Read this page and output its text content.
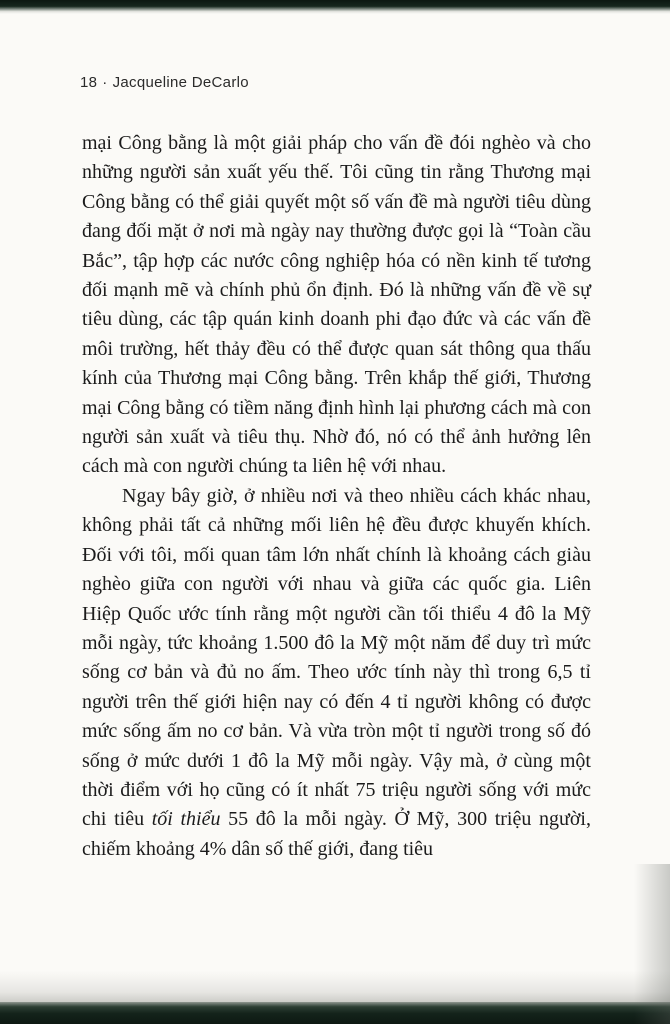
18 · Jacqueline DeCarlo

mại Công bằng là một giải pháp cho vấn đề đói nghèo và cho những người sản xuất yếu thế. Tôi cũng tin rằng Thương mại Công bằng có thể giải quyết một số vấn đề mà người tiêu dùng đang đối mặt ở nơi mà ngày nay thường được gọi là “Toàn cầu Bắc”, tập hợp các nước công nghiệp hóa có nền kinh tế tương đối mạnh mẽ và chính phủ ổn định. Đó là những vấn đề về sự tiêu dùng, các tập quán kinh doanh phi đạo đức và các vấn đề môi trường, hết thảy đều có thể được quan sát thông qua thấu kính của Thương mại Công bằng. Trên khắp thế giới, Thương mại Công bằng có tiềm năng định hình lại phương cách mà con người sản xuất và tiêu thụ. Nhờ đó, nó có thể ảnh hưởng lên cách mà con người chúng ta liên hệ với nhau.

Ngay bây giờ, ở nhiều nơi và theo nhiều cách khác nhau, không phải tất cả những mối liên hệ đều được khuyến khích. Đối với tôi, mối quan tâm lớn nhất chính là khoảng cách giàu nghèo giữa con người với nhau và giữa các quốc gia. Liên Hiệp Quốc ước tính rằng một người cần tối thiểu 4 đô la Mỹ mỗi ngày, tức khoảng 1.500 đô la Mỹ một năm để duy trì mức sống cơ bản và đủ no ấm. Theo ước tính này thì trong 6,5 tỉ người trên thế giới hiện nay có đến 4 tỉ người không có được mức sống ấm no cơ bản. Và vừa tròn một tỉ người trong số đó sống ở mức dưới 1 đô la Mỹ mỗi ngày. Vậy mà, ở cùng một thời điểm với họ cũng có ít nhất 75 triệu người sống với mức chi tiêu tối thiểu 55 đô la mỗi ngày. Ở Mỹ, 300 triệu người, chiếm khoảng 4% dân số thế giới, đang tiêu
